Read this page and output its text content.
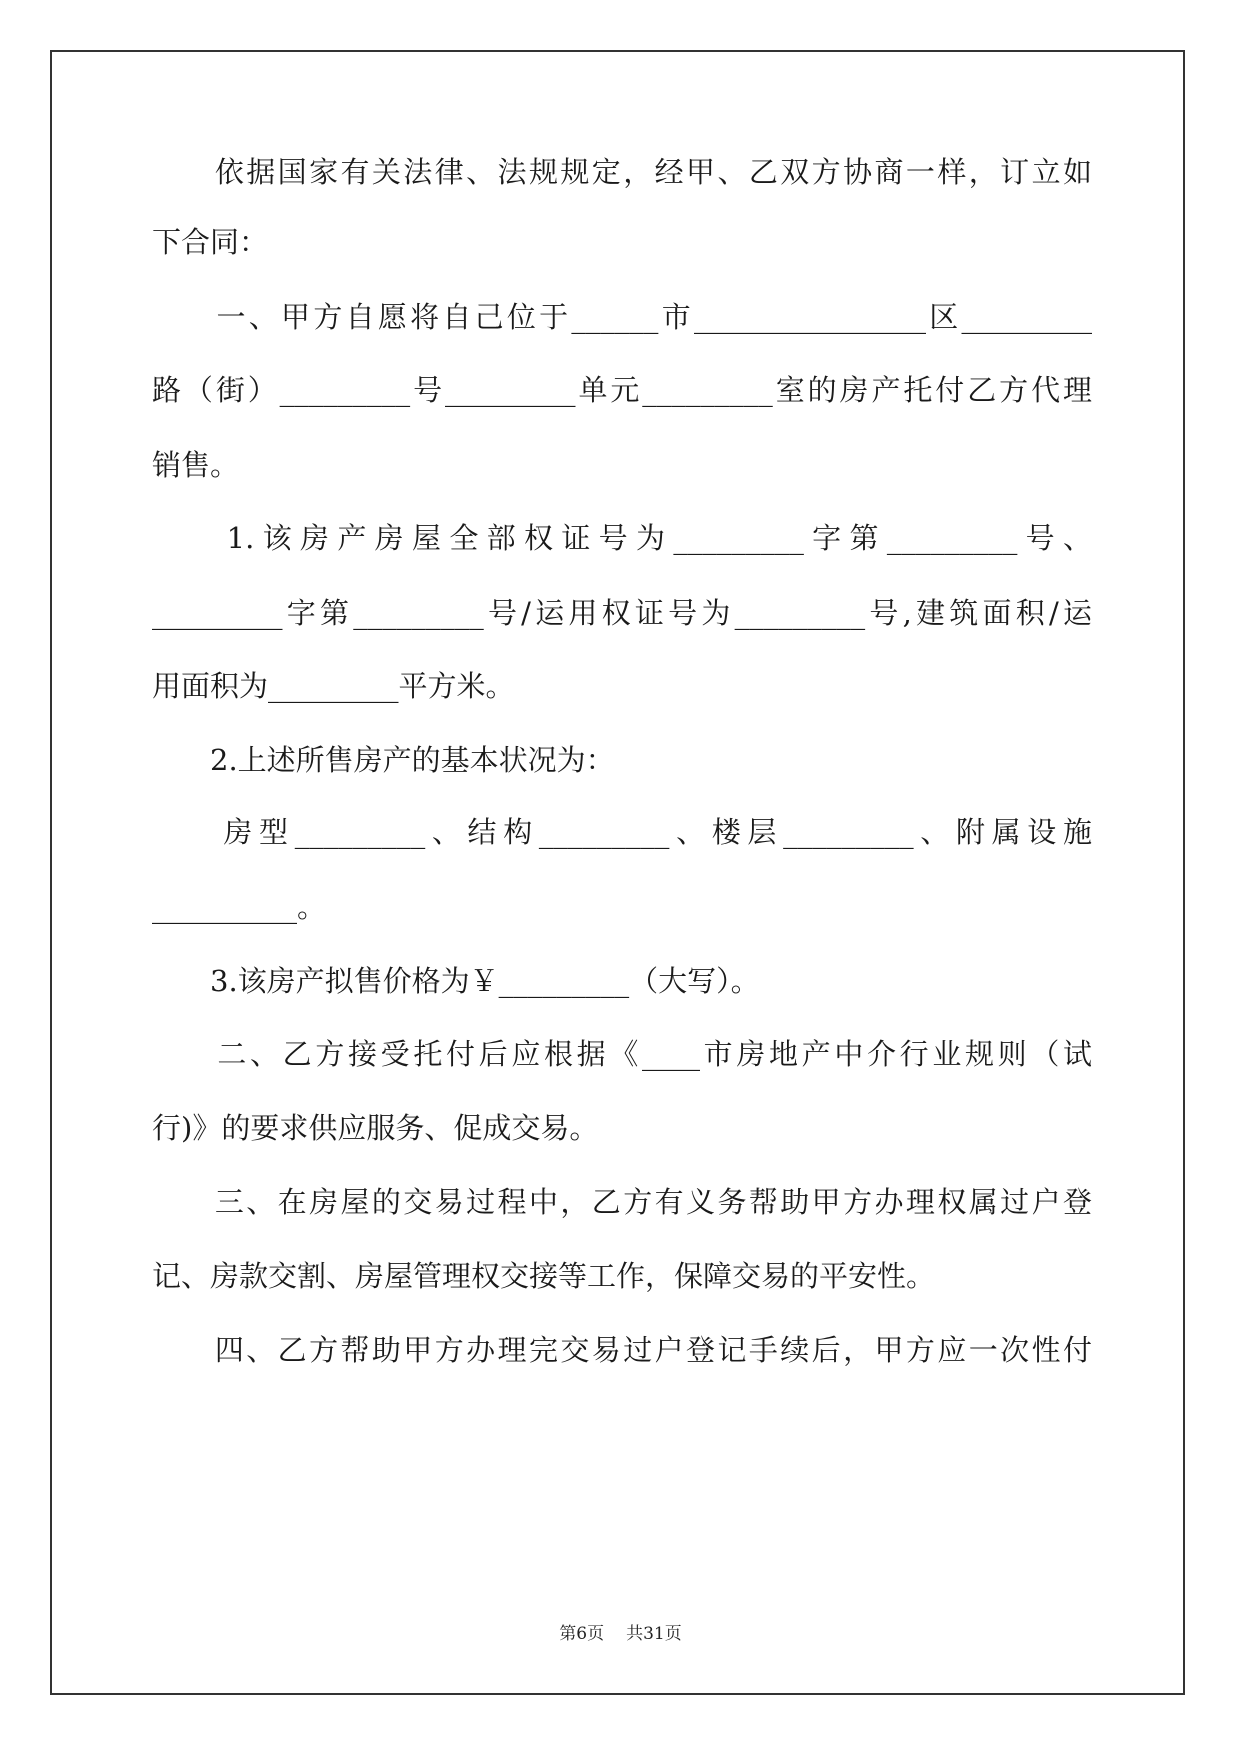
　　依据国家有关法律、法规规定，经甲、乙双方协商一样，订立如
下合同：
　　一、甲方自愿将自己位于______市________________区_________
路（街）_________号_________单元_________室的房产托付乙方代理
销售。
　　1.该房产房屋全部权证号为_________字第_________号、
_________字第_________号/运用权证号为_________号,建筑面积/运
用面积为_________平方米。
　　2.上述所售房产的基本状况为：
　　房型_________、结构_________、楼层_________、附属设施
__________。
　　3.该房产拟售价格为￥_________（大写）。
　　二、乙方接受托付后应根据《____市房地产中介行业规则（试
行)》的要求供应服务、促成交易。
　　三、在房屋的交易过程中，乙方有义务帮助甲方办理权属过户登
记、房款交割、房屋管理权交接等工作，保障交易的平安性。
　　四、乙方帮助甲方办理完交易过户登记手续后，甲方应一次性付
第6页 共31页
